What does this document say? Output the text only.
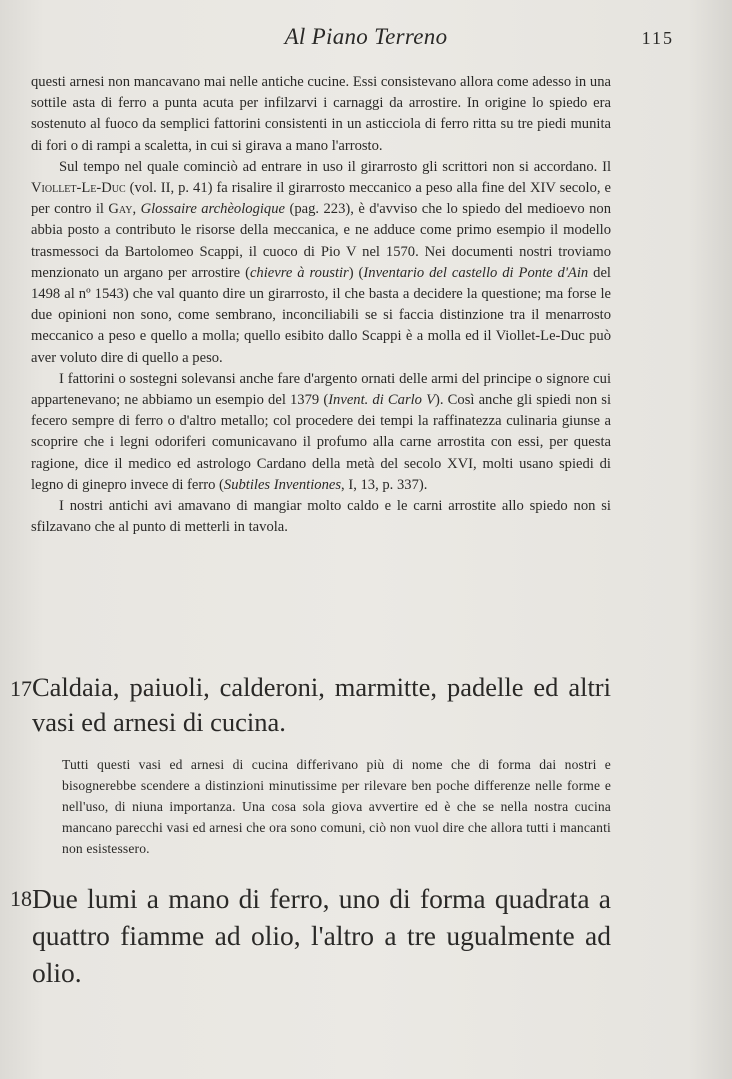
Al Piano Terreno	115

questi arnesi non mancavano mai nelle antiche cucine. Essi consistevano allora come adesso in una sottile asta di ferro a punta acuta per infilzarvi i carnaggi da arrostire. In origine lo spiedo era sostenuto al fuoco da semplici fattorini consistenti in un asticciola di ferro ritta su tre piedi munita di fori o di rampi a scaletta, in cui si girava a mano l'arrosto.

Sul tempo nel quale cominciò ad entrare in uso il girarrosto gli scrittori non si accordano. Il Viollet-Le-Duc (vol. II, p. 41) fa risalire il girarrosto meccanico a peso alla fine del XIV secolo, e per contro il Gay, Glossaire archèologique (pag. 223), è d'avviso che lo spiedo del medioevo non abbia posto a contributo le risorse della meccanica, e ne adduce come primo esempio il modello trasmessoci da Bartolomeo Scappi, il cuoco di Pio V nel 1570. Nei documenti nostri troviamo menzionato un argano per arrostire (chievre à roustir) (Inventario del castello di Ponte d'Ain del 1498 al nº 1543) che val quanto dire un girarrosto, il che basta a decidere la questione; ma forse le due opinioni non sono, come sembrano, inconciliabili se si faccia distinzione tra il menarrosto meccanico a peso e quello a molla; quello esibito dallo Scappi è a molla ed il Viollet-Le-Duc può aver voluto dire di quello a peso.

I fattorini o sostegni solevansi anche fare d'argento ornati delle armi del principe o signore cui appartenevano; ne abbiamo un esempio del 1379 (Invent. di Carlo V). Così anche gli spiedi non si fecero sempre di ferro o d'altro metallo; col procedere dei tempi la raffinatezza culinaria giunse a scoprire che i legni odoriferi comunicavano il profumo alla carne arrostita con essi, per questa ragione, dice il medico ed astrologo Cardano della metà del secolo XVI, molti usano spiedi di legno di ginepro invece di ferro (Subtiles Inventiones, I, 13, p. 337).

I nostri antichi avi amavano di mangiar molto caldo e le carni arrostite allo spiedo non si sfilzavano che al punto di metterli in tavola.

17 Caldaia, paiuoli, calderoni, marmitte, padelle ed altri vasi ed arnesi di cucina.

Tutti questi vasi ed arnesi di cucina differivano più di nome che di forma dai nostri e bisognerebbe scendere a distinzioni minutissime per rilevare ben poche differenze nelle forme e nell'uso, di niuna importanza. Una cosa sola giova avvertire ed è che se nella nostra cucina mancano parecchi vasi ed arnesi che ora sono comuni, ciò non vuol dire che allora tutti i mancanti non esistessero.

18 Due lumi a mano di ferro, uno di forma quadrata a quattro fiamme ad olio, l'altro a tre ugualmente ad olio.
